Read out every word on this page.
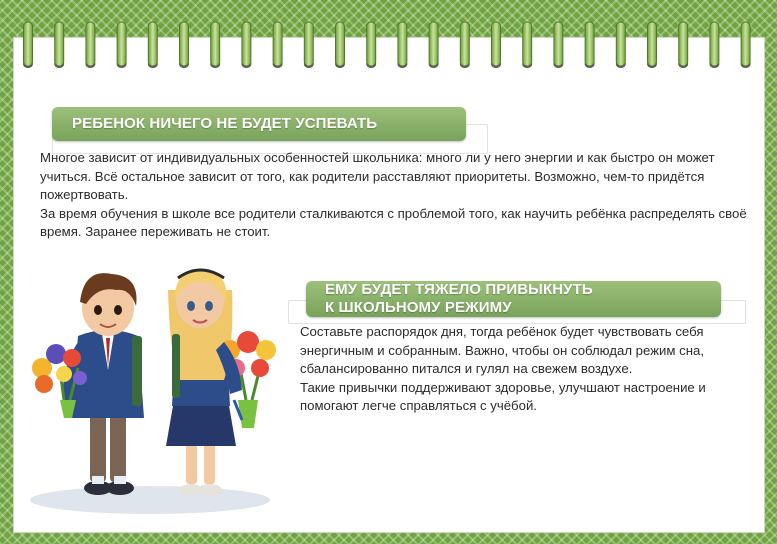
РЕБЕНОК НИЧЕГО НЕ БУДЕТ УСПЕВАТЬ

Многое зависит от индивидуальных особенностей школьника: много ли у него энергии и как быстро он может учиться. Всё остальное зависит от того, как родители расставляют приоритеты. Возможно, чем-то придётся пожертвовать.

За время обучения в школе все родители сталкиваются с проблемой того, как научить ребёнка распределять своё время. Заранее переживать не стоит.

ЕМУ БУДЕТ ТЯЖЕЛО ПРИВЫКНУТЬ
К ШКОЛЬНОМУ РЕЖИМУ

Составьте распорядок дня, тогда ребёнок будет чувствовать себя энергичным и собранным. Важно, чтобы он соблюдал режим сна, сбалансированно питался и гулял на свежем воздухе.

Такие привычки поддерживают здоровье, улучшают настроение и помогают легче справляться с учёбой.
